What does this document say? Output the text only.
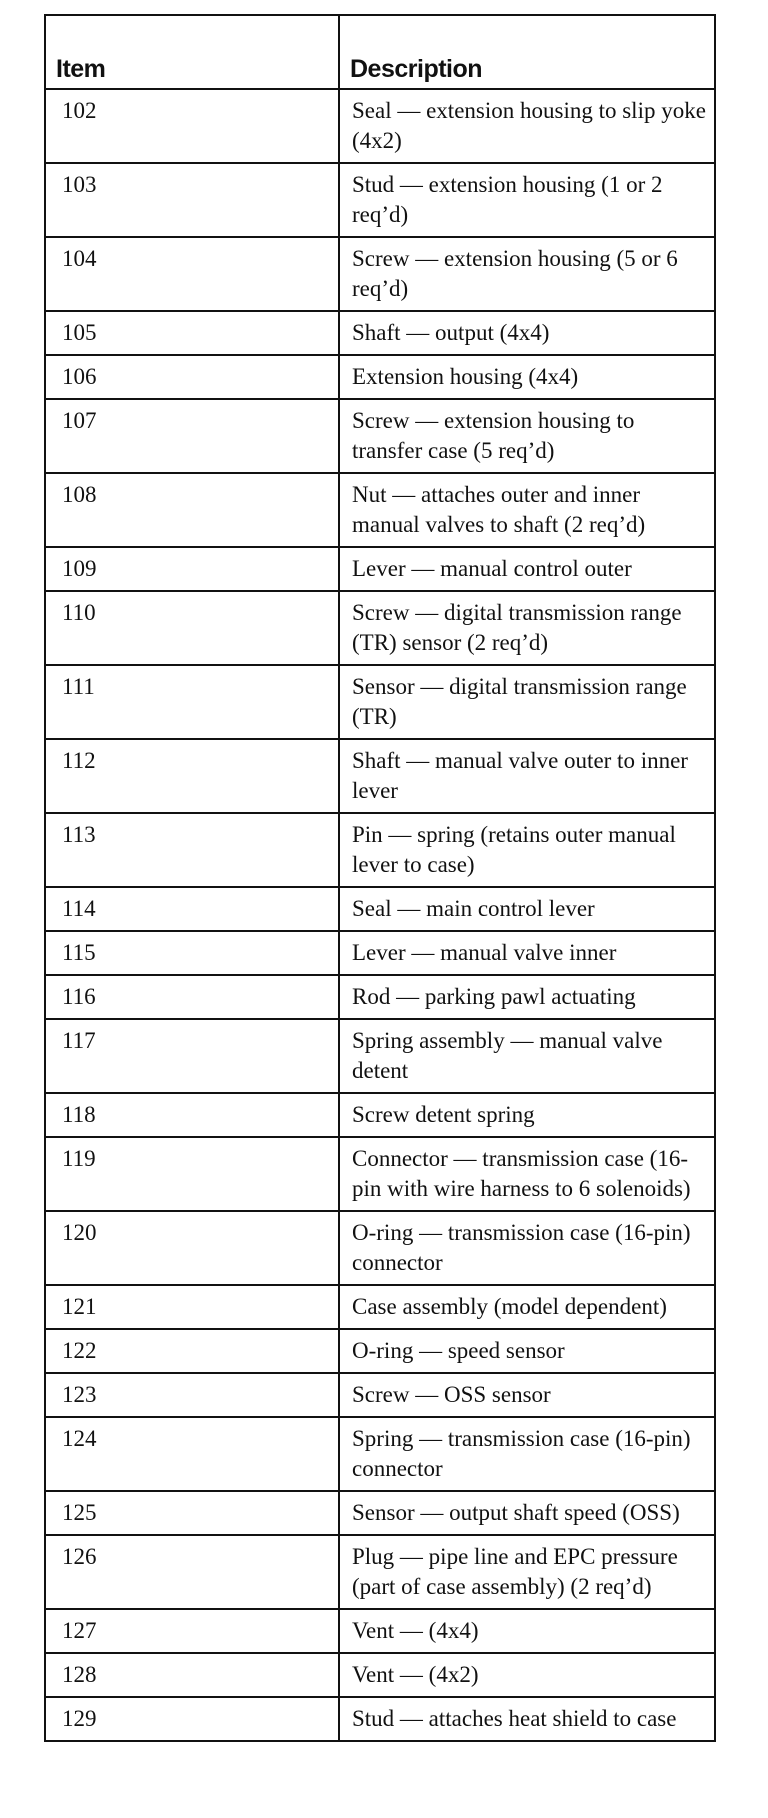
Item	Description
102	Seal — extension housing to slip yoke (4x2)
103	Stud — extension housing (1 or 2 req’d)
104	Screw — extension housing (5 or 6 req’d)
105	Shaft — output (4x4)
106	Extension housing (4x4)
107	Screw — extension housing to transfer case (5 req’d)
108	Nut — attaches outer and inner manual valves to shaft (2 req’d)
109	Lever — manual control outer
110	Screw — digital transmission range (TR) sensor (2 req’d)
111	Sensor — digital transmission range (TR)
112	Shaft — manual valve outer to inner lever
113	Pin — spring (retains outer manual lever to case)
114	Seal — main control lever
115	Lever — manual valve inner
116	Rod — parking pawl actuating
117	Spring assembly — manual valve detent
118	Screw detent spring
119	Connector — transmission case (16-pin with wire harness to 6 solenoids)
120	O-ring — transmission case (16-pin) connector
121	Case assembly (model dependent)
122	O-ring — speed sensor
123	Screw — OSS sensor
124	Spring — transmission case (16-pin) connector
125	Sensor — output shaft speed (OSS)
126	Plug — pipe line and EPC pressure (part of case assembly) (2 req’d)
127	Vent — (4x4)
128	Vent — (4x2)
129	Stud — attaches heat shield to case
